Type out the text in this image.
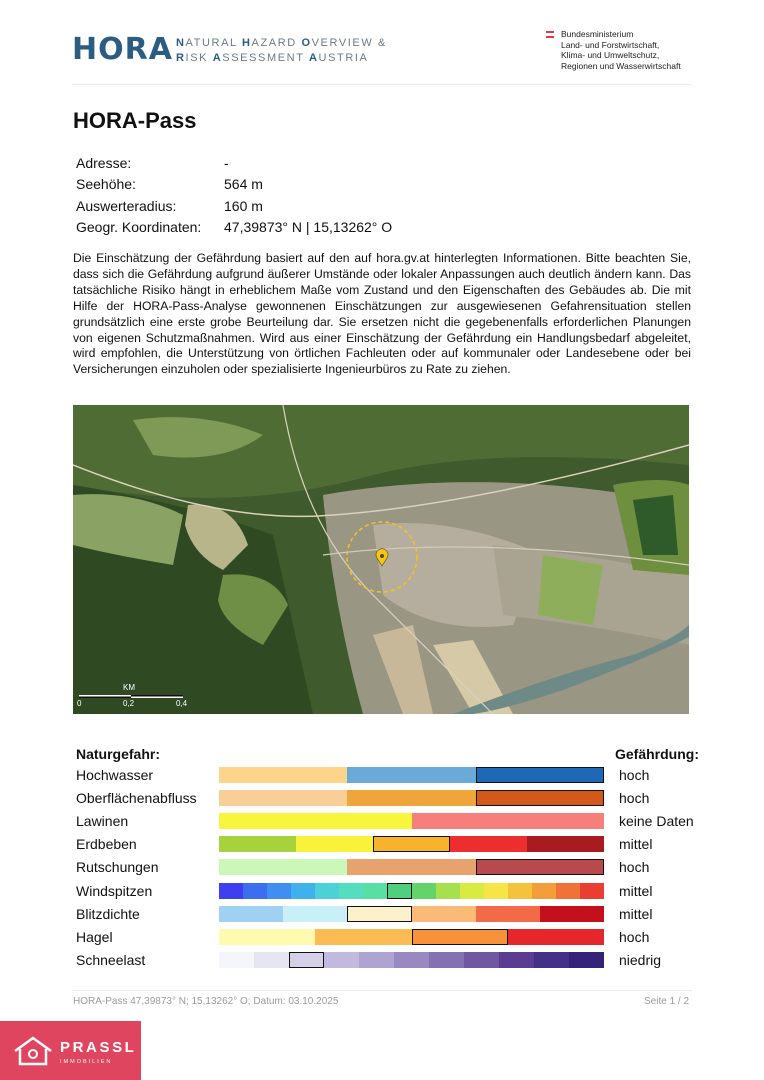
HORA NATURAL HAZARD OVERVIEW &
RISK ASSESSMENT AUSTRIA
Bundesministerium
Land- und Forstwirtschaft,
Klima- und Umweltschutz,
Regionen und Wasserwirtschaft
HORA-Pass
Adresse:	-
Seehöhe:	564 m
Auswerteradius:	160 m
Geogr. Koordinaten:	47,39873° N | 15,13262° O

Die Einschätzung der Gefährdung basiert auf den auf hora.gv.at hinterlegten Informationen. Bitte beachten Sie, dass sich die Gefährdung aufgrund äußerer Umstände oder lokaler Anpassungen auch deutlich ändern kann. Das tatsächliche Risiko hängt in erheblichem Maße vom Zustand und den Eigenschaften des Gebäudes ab. Die mit Hilfe der HORA-Pass-Analyse gewonnenen Einschätzungen zur ausgewiesenen Gefahrensituation stellen grundsätzlich eine erste grobe Beurteilung dar. Sie ersetzen nicht die gegebenenfalls erforderlichen Planungen von eigenen Schutzmaßnahmen. Wird aus einer Einschätzung der Gefährdung ein Handlungsbedarf abgeleitet, wird empfohlen, die Unterstützung von örtlichen Fachleuten oder auf kommunaler oder Landesebene oder bei Versicherungen einzuholen oder spezialisierte Ingenieurbüros zu Rate zu ziehen.

KM
0	0,2	0,4
Naturgefahr:	Gefährdung:
Hochwasser	hoch
Oberflächenabfluss	hoch
Lawinen	keine Daten
Erdbeben	mittel
Rutschungen	hoch
Windspitzen	mittel
Blitzdichte	mittel
Hagel	hoch
Schneelast	niedrig
HORA-Pass 47,39873° N; 15,13262° O; Datum: 03.10.2025	Seite 1 / 2
PRASSL
IMMOBILIEN
